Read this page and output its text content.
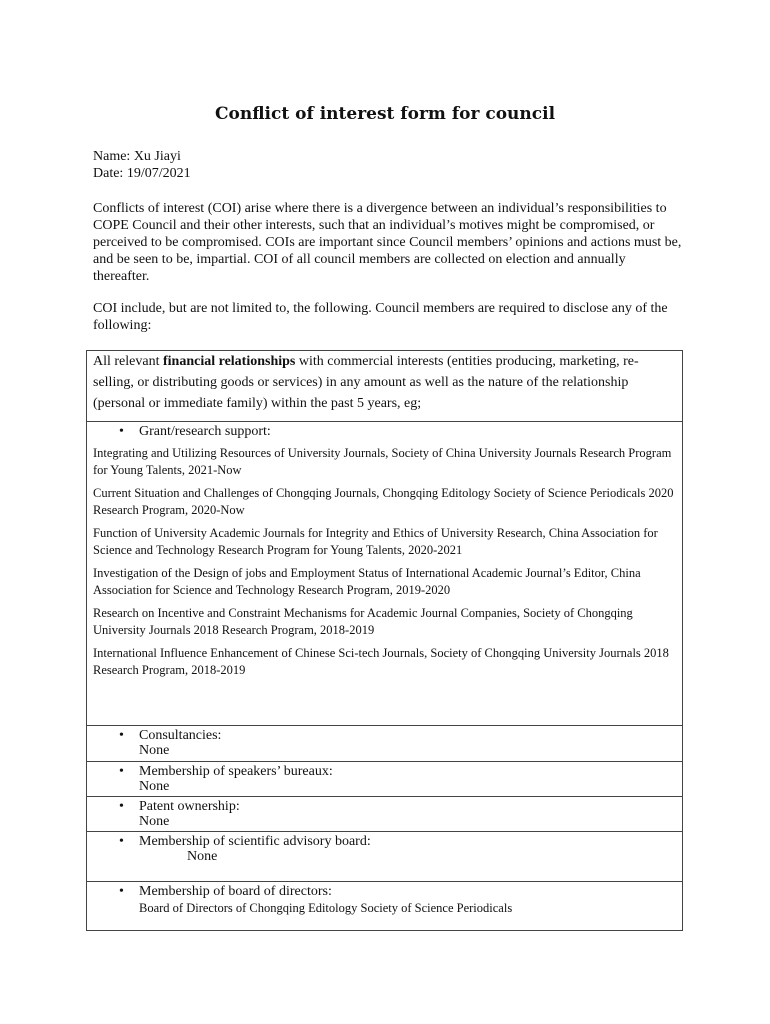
Conflict of interest form for council
Name: Xu Jiayi
Date: 19/07/2021
Conflicts of interest (COI) arise where there is a divergence between an individual’s responsibilities to COPE Council and their other interests, such that an individual’s motives might be compromised, or perceived to be compromised. COIs are important since Council members’ opinions and actions must be, and be seen to be, impartial. COI of all council members are collected on election and annually thereafter.
COI include, but are not limited to, the following. Council members are required to disclose any of the following:
All relevant financial relationships with commercial interests (entities producing, marketing, re-selling, or distributing goods or services) in any amount as well as the nature of the relationship (personal or immediate family) within the past 5 years, eg;
• Grant/research support:
Integrating and Utilizing Resources of University Journals, Society of China University Journals Research Program for Young Talents, 2021-Now
Current Situation and Challenges of Chongqing Journals, Chongqing Editology Society of Science Periodicals 2020 Research Program, 2020-Now
Function of University Academic Journals for Integrity and Ethics of University Research, China Association for Science and Technology Research Program for Young Talents, 2020-2021
Investigation of the Design of jobs and Employment Status of International Academic Journal’s Editor, China Association for Science and Technology Research Program, 2019-2020
Research on Incentive and Constraint Mechanisms for Academic Journal Companies, Society of Chongqing University Journals 2018 Research Program, 2018-2019
International Influence Enhancement of Chinese Sci-tech Journals, Society of Chongqing University Journals 2018 Research Program, 2018-2019
• Consultancies:
None
• Membership of speakers’ bureaux:
None
• Patent ownership:
None
• Membership of scientific advisory board:
None
• Membership of board of directors:
Board of Directors of Chongqing Editology Society of Science Periodicals
